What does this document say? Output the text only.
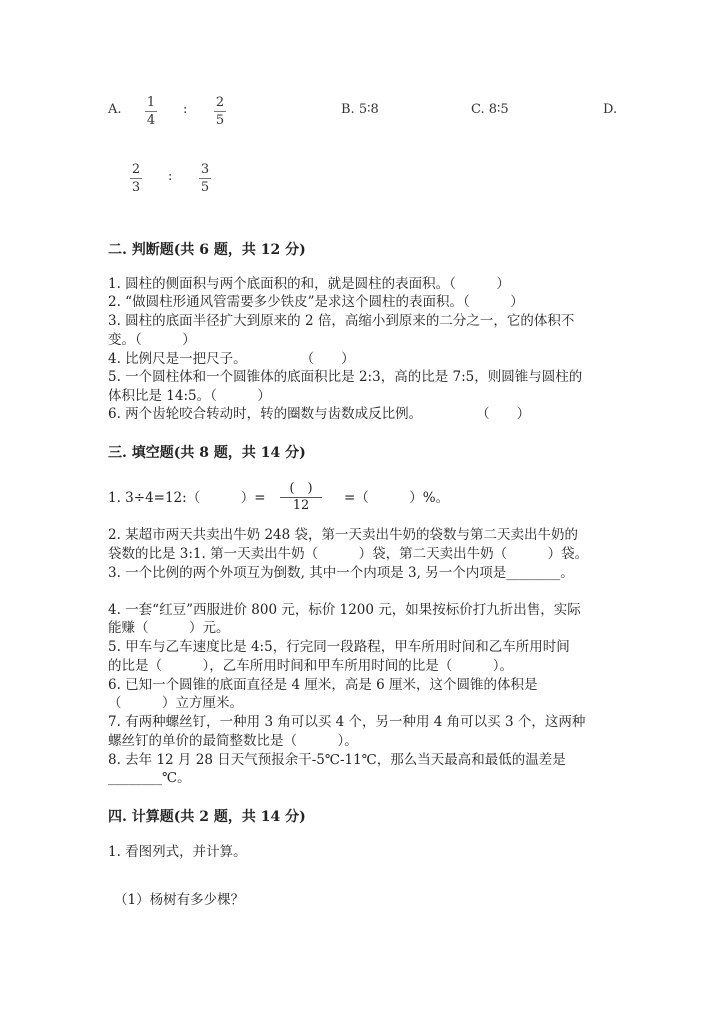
A. 1
4
: 2
5
B. 5∶8	C. 8∶5	D.
2
3
: 3
5
二. 判断题(共 6 题，共 12 分)
1. 圆柱的侧面积与两个底面积的和，就是圆柱的表面积。（　　　）
2. “做圆柱形通风管需要多少铁皮”是求这个圆柱的表面积。（　　　）
3. 圆柱的底面半径扩大到原来的 2 倍，高缩小到原来的二分之一，它的体积不
变。（　　　）
4. 比例尺是一把尺子。　　　　　（　　）
5. 一个圆柱体和一个圆锥体的底面积比是 2:3，高的比是 7:5，则圆锥与圆柱的
体积比是 14:5。（　　　）
6. 两个齿轮咬合转动时，转的圈数与齿数成反比例。　　　　　（　　）
三. 填空题(共 8 题，共 14 分)
1. 3÷4=12:（　　　）=
(　)
12	=（　　　）%。
2. 某超市两天共卖出牛奶 248 袋，第一天卖出牛奶的袋数与第二天卖出牛奶的
袋数的比是 3:1. 第一天卖出牛奶（　　　）袋，第二天卖出牛奶（　　　）袋。
3. 一个比例的两个外项互为倒数, 其中一个内项是 3, 另一个内项是________。
4. 一套“红豆”西服进价 800 元，标价 1200 元，如果按标价打九折出售，实际
能赚（　　　）元。
5. 甲车与乙车速度比是 4:5，行完同一段路程，甲车所用时间和乙车所用时间
的比是（　　　），乙车所用时间和甲车所用时间的比是（　　　）。
6. 已知一个圆锥的底面直径是 4 厘米，高是 6 厘米，这个圆锥的体积是
（　　　）立方厘米。
7. 有两种螺丝钉，一种用 3 角可以买 4 个，另一种用 4 角可以买 3 个，这两种
螺丝钉的单价的最简整数比是（　　　）。
8. 去年 12 月 28 日天气预报余干-5℃-11℃，那么当天最高和最低的温差是
________℃。
四. 计算题(共 2 题，共 14 分)
1. 看图列式，并计算。
（1）杨树有多少棵？
